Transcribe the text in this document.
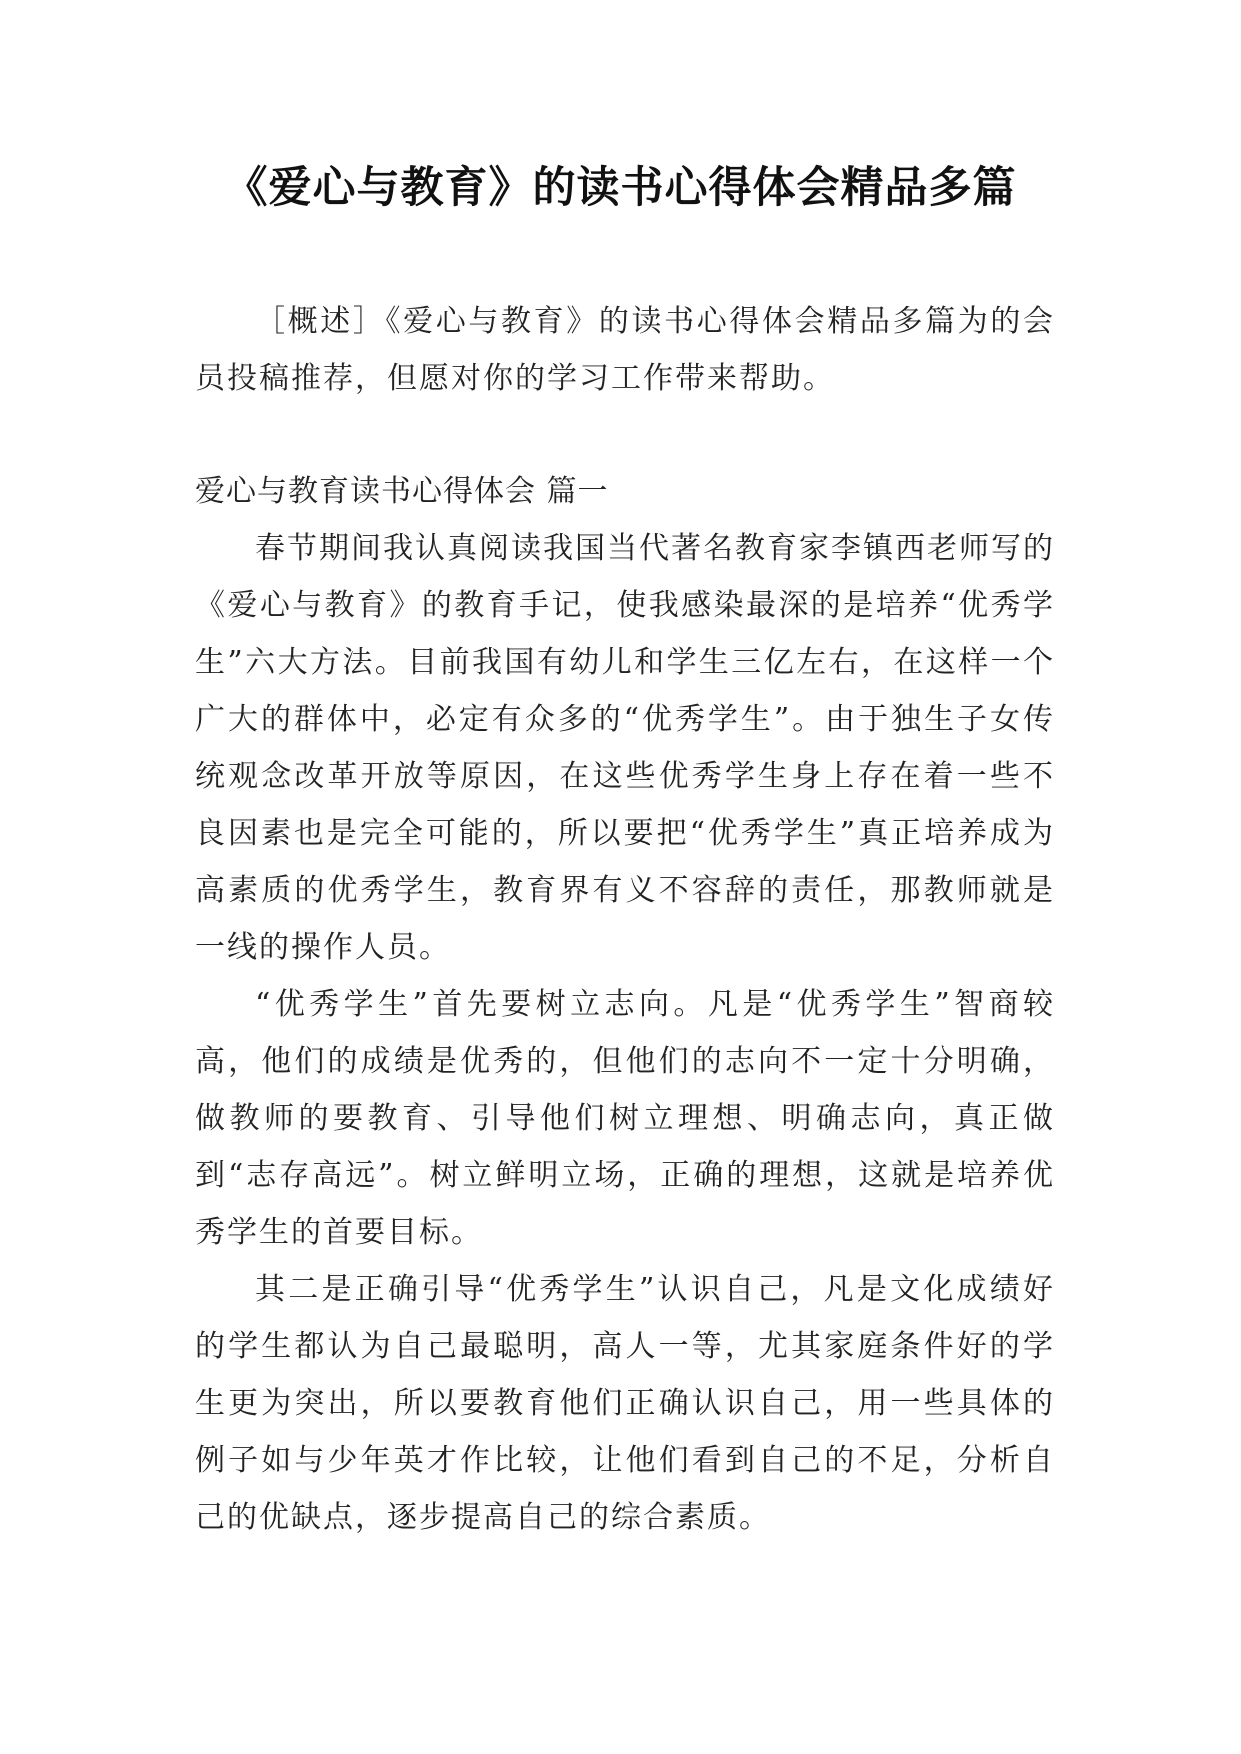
《爱心与教育》的读书心得体会精品多篇

［概述］《爱心与教育》的读书心得体会精品多篇为的会员投稿推荐，但愿对你的学习工作带来帮助。

爱心与教育读书心得体会 篇一

春节期间我认真阅读我国当代著名教育家李镇西老师写的《爱心与教育》的教育手记，使我感染最深的是培养“优秀学生”六大方法。目前我国有幼儿和学生三亿左右，在这样一个广大的群体中，必定有众多的“优秀学生”。由于独生子女传统观念改革开放等原因，在这些优秀学生身上存在着一些不良因素也是完全可能的，所以要把“优秀学生”真正培养成为高素质的优秀学生，教育界有义不容辞的责任，那教师就是一线的操作人员。

“优秀学生”首先要树立志向。凡是“优秀学生”智商较高，他们的成绩是优秀的，但他们的志向不一定十分明确，做教师的要教育、引导他们树立理想、明确志向，真正做到“志存高远”。树立鲜明立场，正确的理想，这就是培养优秀学生的首要目标。

其二是正确引导“优秀学生”认识自己，凡是文化成绩好的学生都认为自己最聪明，高人一等，尤其家庭条件好的学生更为突出，所以要教育他们正确认识自己，用一些具体的例子如与少年英才作比较，让他们看到自己的不足，分析自己的优缺点，逐步提高自己的综合素质。
